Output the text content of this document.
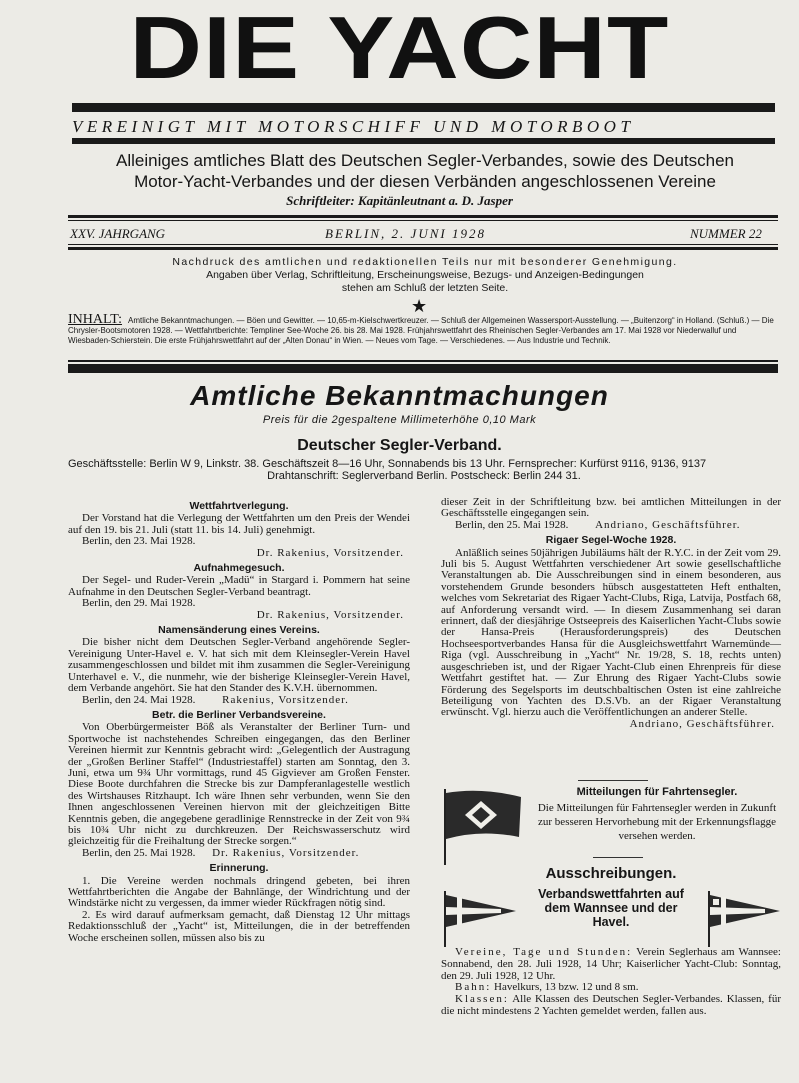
DIE YACHT
VEREINIGT MIT MOTORSCHIFF UND MOTORBOOT
Alleiniges amtliches Blatt des Deutschen Segler-Verbandes, sowie des Deutschen
Motor-Yacht-Verbandes und der diesen Verbänden angeschlossenen Vereine
Schriftleiter: Kapitänleutnant a. D. Jasper
XXV. JAHRGANG	BERLIN, 2. JUNI 1928	NUMMER 22
Nachdruck des amtlichen und redaktionellen Teils nur mit besonderer Genehmigung.
Angaben über Verlag, Schriftleitung, Erscheinungsweise, Bezugs- und Anzeigen-Bedingungen
stehen am Schluß der letzten Seite.
★
INHALT: Amtliche Bekanntmachungen. — Böen und Gewitter. — 10,65-m-Kielschwertkreuzer. — Schluß der Allgemeinen Wassersport-Ausstellung. — „Buitenzorg“ in Holland. (Schluß.) — Die Chrysler-Bootsmotoren 1928. — Wettfahrtberichte: Templiner See-Woche 26. bis 28. Mai 1928. Frühjahrswettfahrt des Rheinischen Segler-Verbandes am 17. Mai 1928 vor Niederwalluf und Wiesbaden-Schierstein. Die erste Frühjahrswettfahrt auf der „Alten Donau“ in Wien. — Neues vom Tage. — Verschiedenes. — Aus Industrie und Technik.
Amtliche Bekanntmachungen
Preis für die 2gespaltene Millimeterhöhe 0,10 Mark
Deutscher Segler-Verband.
Geschäftsstelle: Berlin W 9, Linkstr. 38. Geschäftszeit 8—16 Uhr, Sonnabends bis 13 Uhr. Fernsprecher: Kurfürst 9116, 9136, 9137
Drahtanschrift: Seglerverband Berlin. Postscheck: Berlin 244 31.
Wettfahrtverlegung.

Der Vorstand hat die Verlegung der Wettfahrten um den Preis der Wendei auf den 19. bis 21. Juli (statt 11. bis 14. Juli) genehmigt.

Berlin, den 23. Mai 1928.

Dr. Rakenius, Vorsitzender.
Aufnahmegesuch.

Der Segel- und Ruder-Verein „Madü“ in Stargard i. Pommern hat seine Aufnahme in den Deutschen Segler-Verband beantragt.

Berlin, den 29. Mai 1928.

Dr. Rakenius, Vorsitzender.
Namensänderung eines Vereins.

Die bisher nicht dem Deutschen Segler-Verband angehörende Segler-Vereinigung Unter-Havel e. V. hat sich mit dem Kleinsegler-Verein Havel zusammengeschlossen und bildet mit ihm zusammen die Segler-Vereinigung Unterhavel e. V., die nunmehr, wie der bisherige Kleinsegler-Verein Havel, dem Verbande angehört. Sie hat den Stander des K.V.H. übernommen.

Berlin, den 24. Mai 1928. Rakenius, Vorsitzender.

Betr. die Berliner Verbandsvereine.

Von Oberbürgermeister Böß als Veranstalter der Berliner Turn- und Sportwoche ist nachstehendes Schreiben eingegangen, das den Berliner Vereinen hiermit zur Kenntnis gebracht wird: „Gelegentlich der Austragung der „Großen Berliner Staffel“ (Industriestaffel) starten am Sonntag, den 3. Juni, etwa um 9¾ Uhr vormittags, rund 45 Gigviever am Großen Fenster. Diese Boote durchfahren die Strecke bis zur Dampferanlagestelle westlich des Wirtshauses Ritzhaupt. Ich wäre Ihnen sehr verbunden, wenn Sie den Ihnen angeschlossenen Vereinen hiervon mit der gleichzeitigen Bitte Kenntnis geben, die angegebene geradlinige Rennstrecke in der Zeit von 9¾ bis 10¾ Uhr nicht zu durchkreuzen. Der Reichswasserschutz wird gleichzeitig für die Freihaltung der Strecke sorgen.“

Berlin, den 25. Mai 1928. Dr. Rakenius, Vorsitzender.

Erinnerung.

1. Die Vereine werden nochmals dringend gebeten, bei ihren Wettfahrtberichten die Angabe der Bahnlänge, der Windrichtung und der Windstärke nicht zu vergessen, da immer wieder Rückfragen nötig sind.

2. Es wird darauf aufmerksam gemacht, daß Dienstag 12 Uhr mittags Redaktionsschluß der „Yacht“ ist, Mitteilungen, die in der betreffenden Woche erscheinen sollen, müssen also bis zu

dieser Zeit in der Schriftleitung bzw. bei amtlichen Mitteilungen in der Geschäftsstelle eingegangen sein.

Berlin, den 25. Mai 1928. Andriano, Geschäftsführer.

Rigaer Segel-Woche 1928.

Anläßlich seines 50jährigen Jubiläums hält der R.Y.C. in der Zeit vom 29. Juli bis 5. August Wettfahrten verschiedener Art sowie gesellschaftliche Veranstaltungen ab. Die Ausschreibungen sind in einem besonderen, aus vorstehendem Grunde besonders hübsch ausgestatteten Heft enthalten, welches vom Sekretariat des Rigaer Yacht-Clubs, Riga, Latvija, Postfach 68, auf Anforderung versandt wird. — In diesem Zusammenhang sei daran erinnert, daß der diesjährige Ostseepreis des Kaiserlichen Yacht-Clubs sowie der Hansa-Preis (Herausforderungspreis) des Deutschen Hochseesportverbandes Hansa für die Ausgleichswettfahrt Warnemünde—Riga (vgl. Ausschreibung in „Yacht“ Nr. 19/28, S. 18, rechts unten) ausgeschrieben ist, und der Rigaer Yacht-Club einen Ehrenpreis für diese Wettfahrt gestiftet hat. — Zur Ehrung des Rigaer Yacht-Clubs sowie Förderung des Segelsports im deutschbaltischen Osten ist eine zahlreiche Beteiligung von Yachten des D.S.Vb. an der Rigaer Veranstaltung erwünscht. Vgl. hierzu auch die Veröffentlichungen an anderer Stelle.

Andriano, Geschäftsführer.
Mitteilungen für Fahrtensegler.
Die Mitteilungen für Fahrtensegler werden in Zukunft zur besseren Hervorhebung mit der Erkennungsflagge versehen werden.
Ausschreibungen.
Verbandswettfahrten auf dem Wannsee und der Havel.

Vereine, Tage und Stunden: Verein Seglerhaus am Wannsee: Sonnabend, den 28. Juli 1928, 14 Uhr; Kaiserlicher Yacht-Club: Sonntag, den 29. Juli 1928, 12 Uhr.

Bahn: Havelkurs, 13 bzw. 12 und 8 sm.

Klassen: Alle Klassen des Deutschen Segler-Verbandes. Klassen, für die nicht mindestens 2 Yachten gemeldet werden, fallen aus.
